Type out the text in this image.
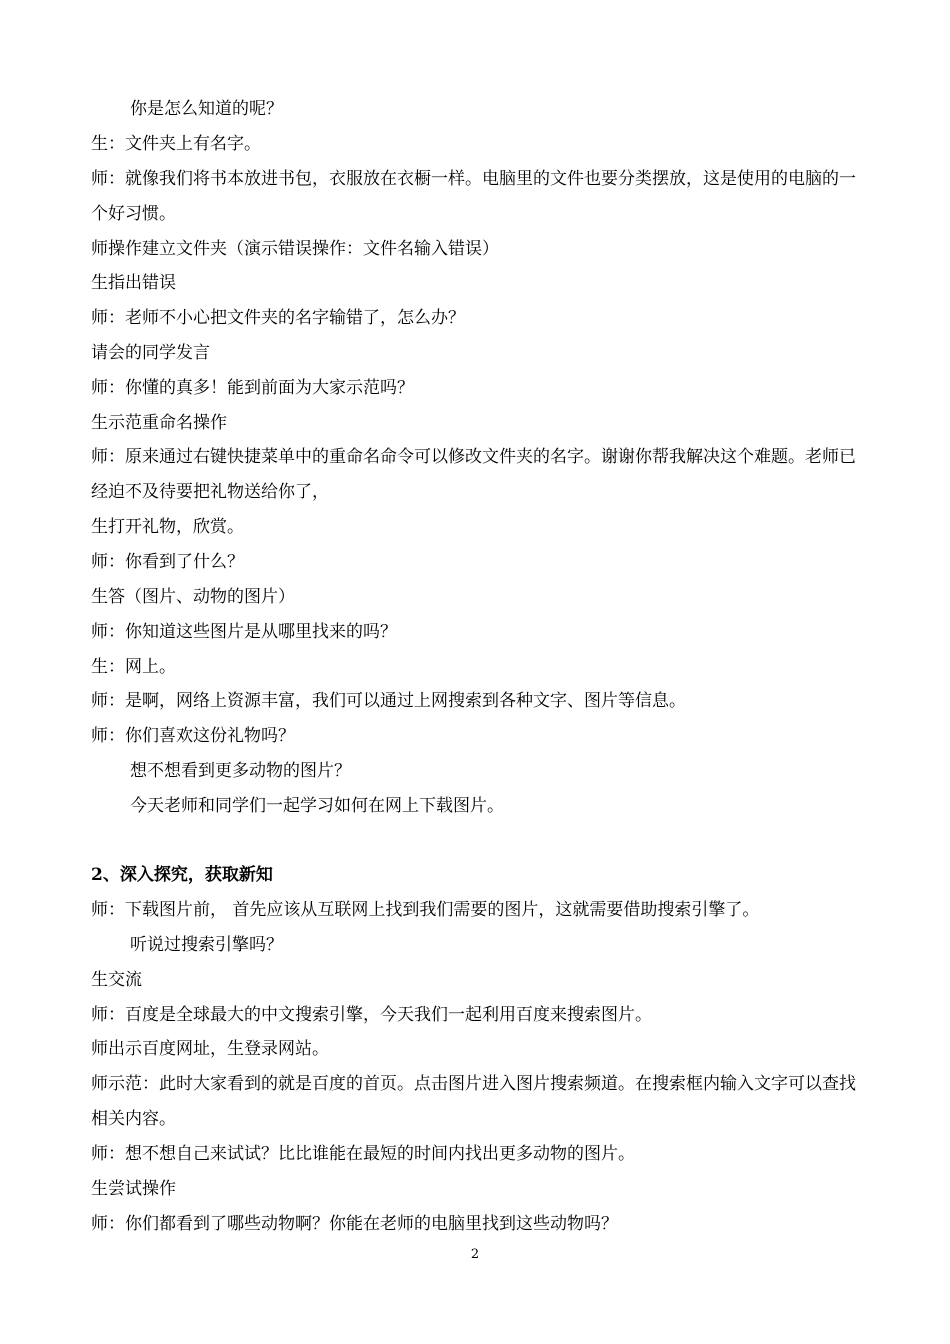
你是怎么知道的呢？
生：文件夹上有名字。
师：就像我们将书本放进书包，衣服放在衣橱一样。电脑里的文件也要分类摆放，这是使用的电脑的一个好习惯。
师操作建立文件夹（演示错误操作：文件名输入错误）
生指出错误
师：老师不小心把文件夹的名字输错了，怎么办？
请会的同学发言
师：你懂的真多！能到前面为大家示范吗？
生示范重命名操作
师：原来通过右键快捷菜单中的重命名命令可以修改文件夹的名字。谢谢你帮我解决这个难题。老师已经迫不及待要把礼物送给你了，
生打开礼物，欣赏。
师：你看到了什么？
生答（图片、动物的图片）
师：你知道这些图片是从哪里找来的吗？
生：网上。
师：是啊，网络上资源丰富，我们可以通过上网搜索到各种文字、图片等信息。
师：你们喜欢这份礼物吗？
想不想看到更多动物的图片？
今天老师和同学们一起学习如何在网上下载图片。
2、深入探究，获取新知
师：下载图片前， 首先应该从互联网上找到我们需要的图片，这就需要借助搜索引擎了。
听说过搜索引擎吗？
生交流
师：百度是全球最大的中文搜索引擎，今天我们一起利用百度来搜索图片。
师出示百度网址，生登录网站。
师示范：此时大家看到的就是百度的首页。点击图片进入图片搜索频道。在搜索框内输入文字可以查找相关内容。
师：想不想自己来试试？比比谁能在最短的时间内找出更多动物的图片。
生尝试操作
师：你们都看到了哪些动物啊？你能在老师的电脑里找到这些动物吗？
2
